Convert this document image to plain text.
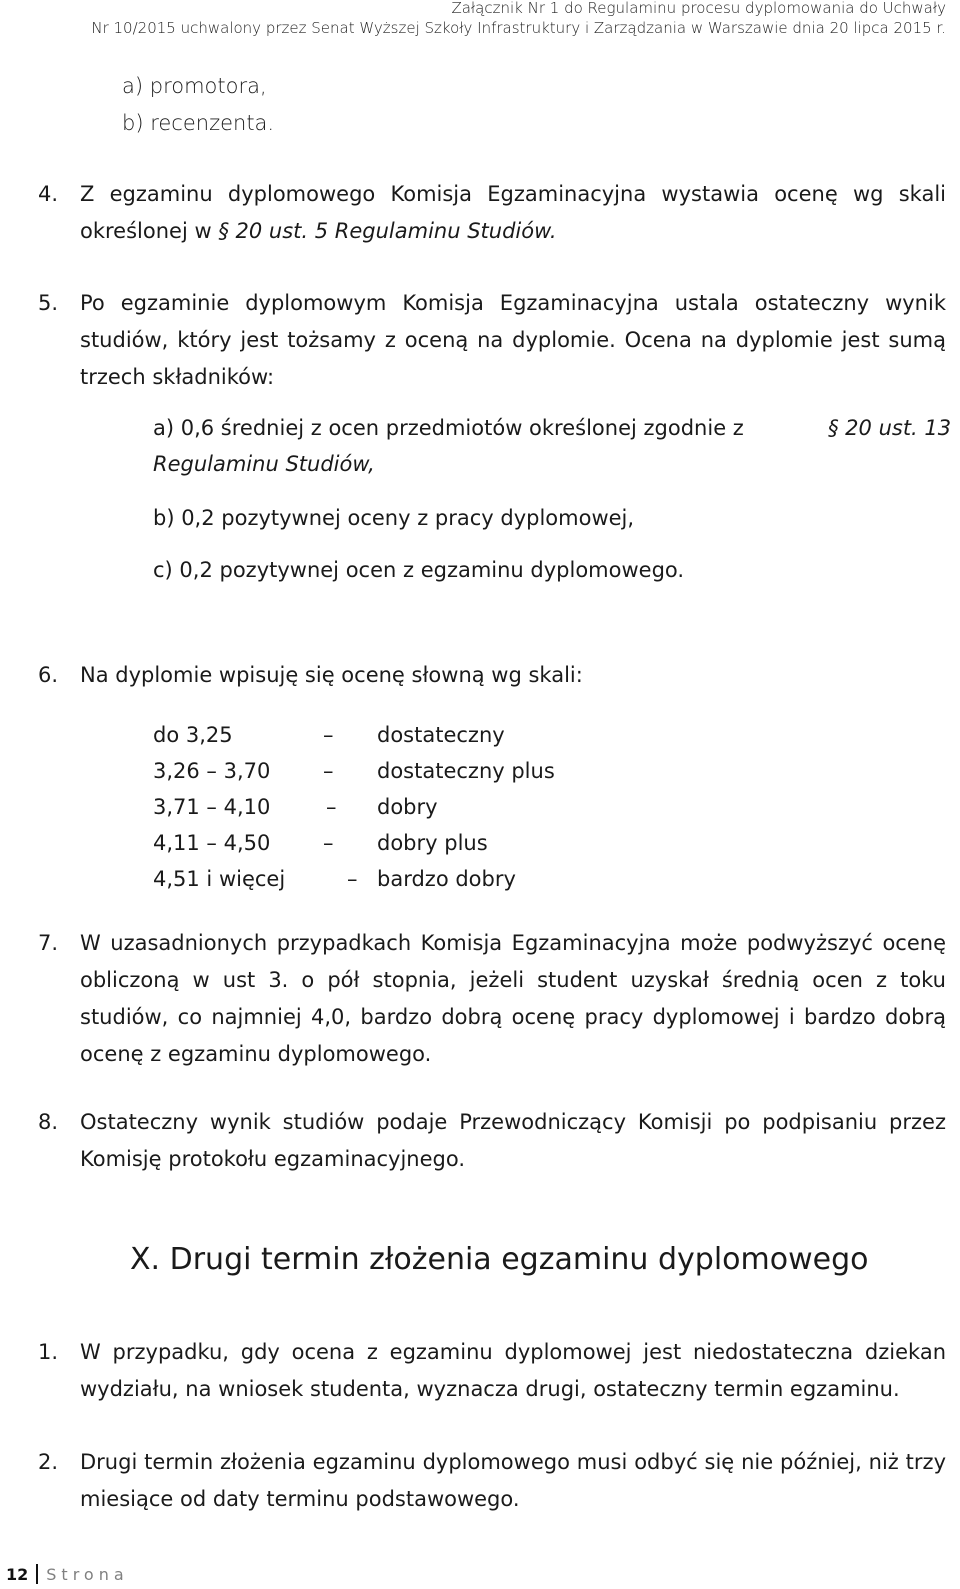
Załącznik Nr 1 do Regulaminu procesu dyplomowania do Uchwały
Nr 10/2015 uchwalony przez Senat Wyższej Szkoły Infrastruktury i Zarządzania w Warszawie dnia 20 lipca 2015 r.
a) promotora,
b) recenzenta.
4. Z egzaminu dyplomowego Komisja Egzaminacyjna wystawia ocenę wg skali określonej w § 20 ust. 5 Regulaminu Studiów.
5. Po egzaminie dyplomowym Komisja Egzaminacyjna ustala ostateczny wynik studiów, który jest tożsamy z oceną na dyplomie. Ocena na dyplomie jest sumą trzech składników:
a) 0,6 średniej z ocen przedmiotów określonej zgodnie z	§ 20 ust. 13
Regulaminu Studiów,
b) 0,2 pozytywnej oceny z pracy dyplomowej,
c) 0,2 pozytywnej ocen z egzaminu dyplomowego.
6. Na dyplomie wpisuję się ocenę słowną wg skali:
do 3,25	– dostateczny
3,26 – 3,70	– dostateczny plus
3,71 – 4,10	– dobry
4,11 – 4,50	– dobry plus
4,51 i więcej	– bardzo dobry
7. W uzasadnionych przypadkach Komisja Egzaminacyjna może podwyższyć ocenę obliczoną w ust 3. o pół stopnia, jeżeli student uzyskał średnią ocen z toku studiów, co najmniej 4,0, bardzo dobrą ocenę pracy dyplomowej i bardzo dobrą ocenę z egzaminu dyplomowego.
8. Ostateczny wynik studiów podaje Przewodniczący Komisji po podpisaniu przez Komisję protokołu egzaminacyjnego.
X. Drugi termin złożenia egzaminu dyplomowego
1. W przypadku, gdy ocena z egzaminu dyplomowej jest niedostateczna dziekan wydziału, na wniosek studenta, wyznacza drugi, ostateczny termin egzaminu.
2. Drugi termin złożenia egzaminu dyplomowego musi odbyć się nie później, niż trzy miesiące od daty terminu podstawowego.
12 Strona
